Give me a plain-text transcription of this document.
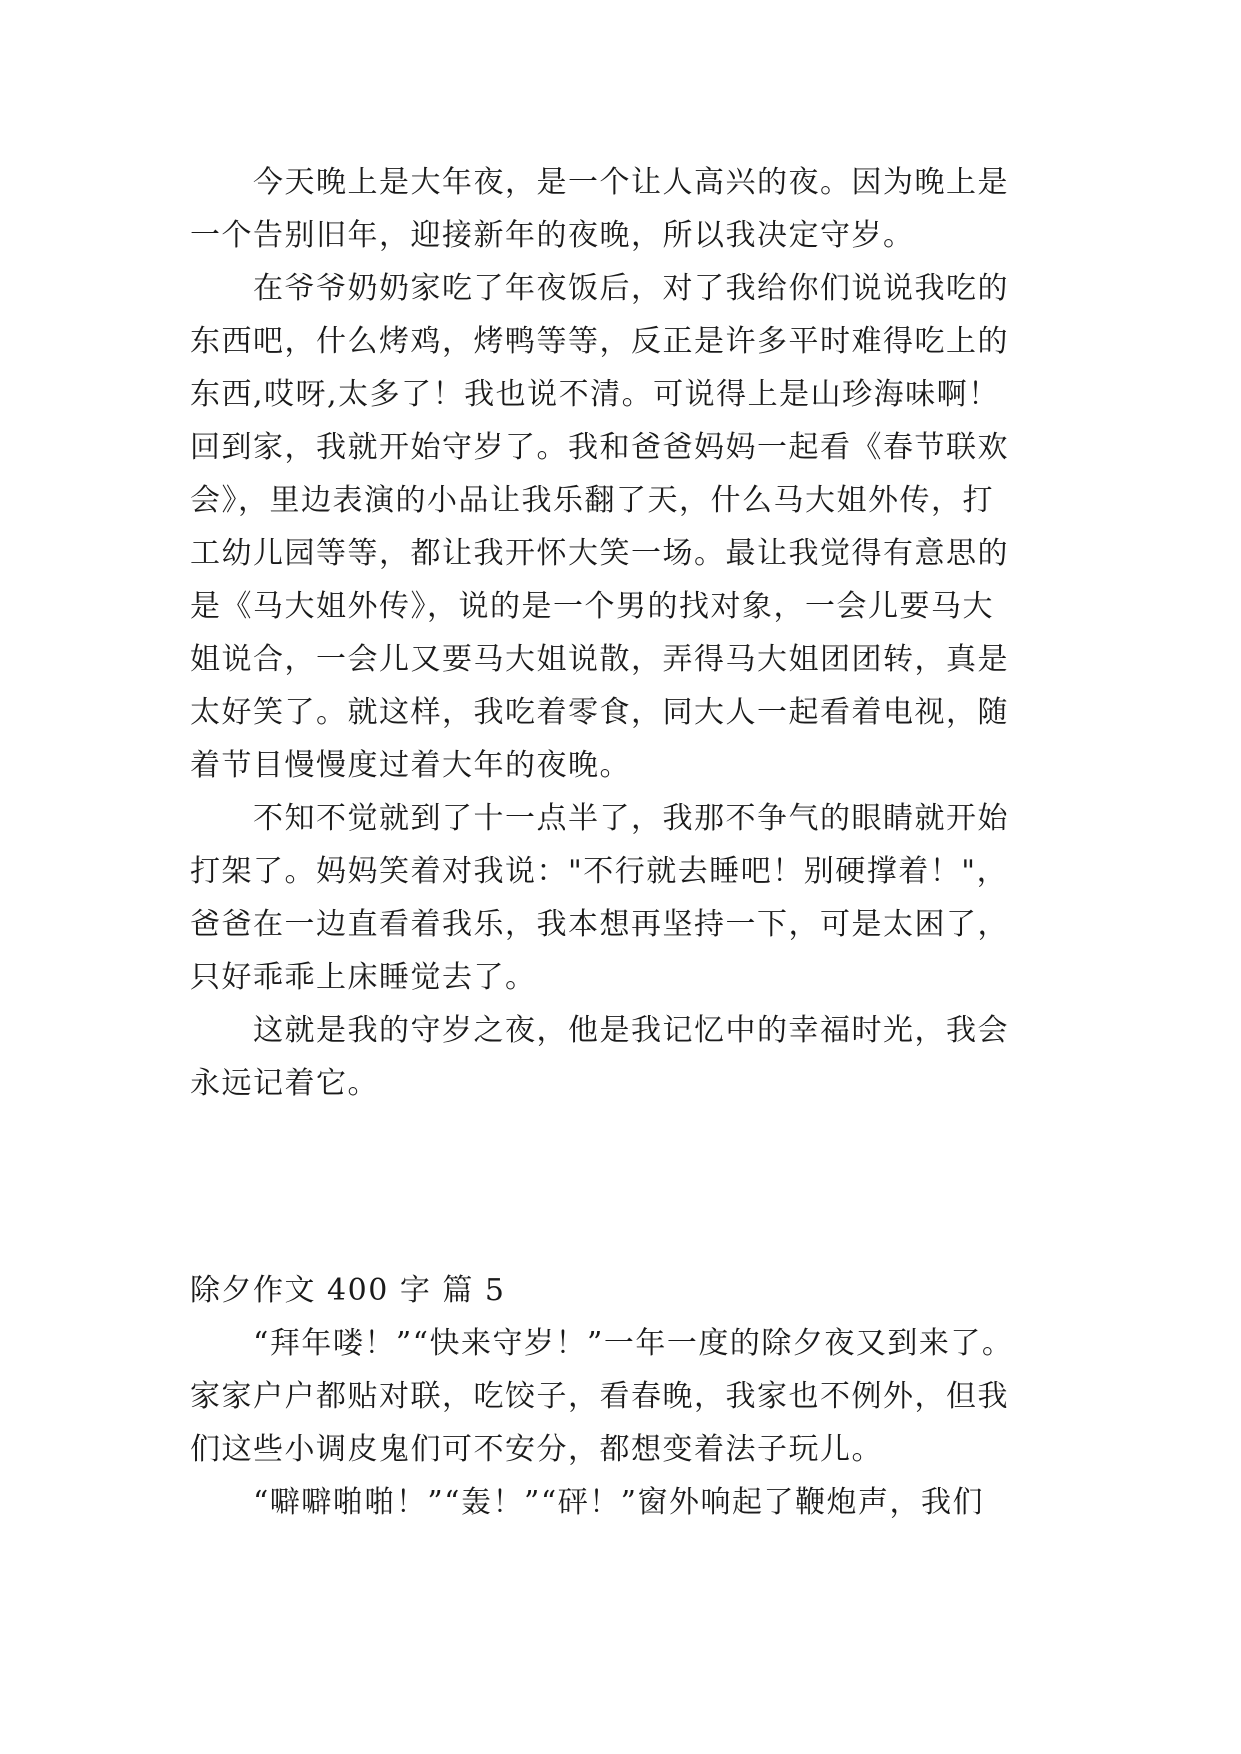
　　今天晚上是大年夜，是一个让人高兴的夜。因为晚上是
一个告别旧年，迎接新年的夜晚，所以我决定守岁。
　　在爷爷奶奶家吃了年夜饭后，对了我给你们说说我吃的
东西吧，什么烤鸡，烤鸭等等，反正是许多平时难得吃上的
东西,哎呀,太多了！我也说不清。可说得上是山珍海味啊！
回到家，我就开始守岁了。我和爸爸妈妈一起看《春节联欢
会》，里边表演的小品让我乐翻了天，什么马大姐外传，打
工幼儿园等等，都让我开怀大笑一场。最让我觉得有意思的
是《马大姐外传》，说的是一个男的找对象，一会儿要马大
姐说合，一会儿又要马大姐说散，弄得马大姐团团转，真是
太好笑了。就这样，我吃着零食，同大人一起看着电视，随
着节目慢慢度过着大年的夜晚。
　　不知不觉就到了十一点半了，我那不争气的眼睛就开始
打架了。妈妈笑着对我说："不行就去睡吧！别硬撑着！"，
爸爸在一边直看着我乐，我本想再坚持一下，可是太困了，
只好乖乖上床睡觉去了。
　　这就是我的守岁之夜，他是我记忆中的幸福时光，我会
永远记着它。
除夕作文 400 字 篇 5
　　“拜年喽！”“快来守岁！”一年一度的除夕夜又到来了。
家家户户都贴对联，吃饺子，看春晚，我家也不例外，但我
们这些小调皮鬼们可不安分，都想变着法子玩儿。
　　“噼噼啪啪！”“轰！”“砰！”窗外响起了鞭炮声，我们
